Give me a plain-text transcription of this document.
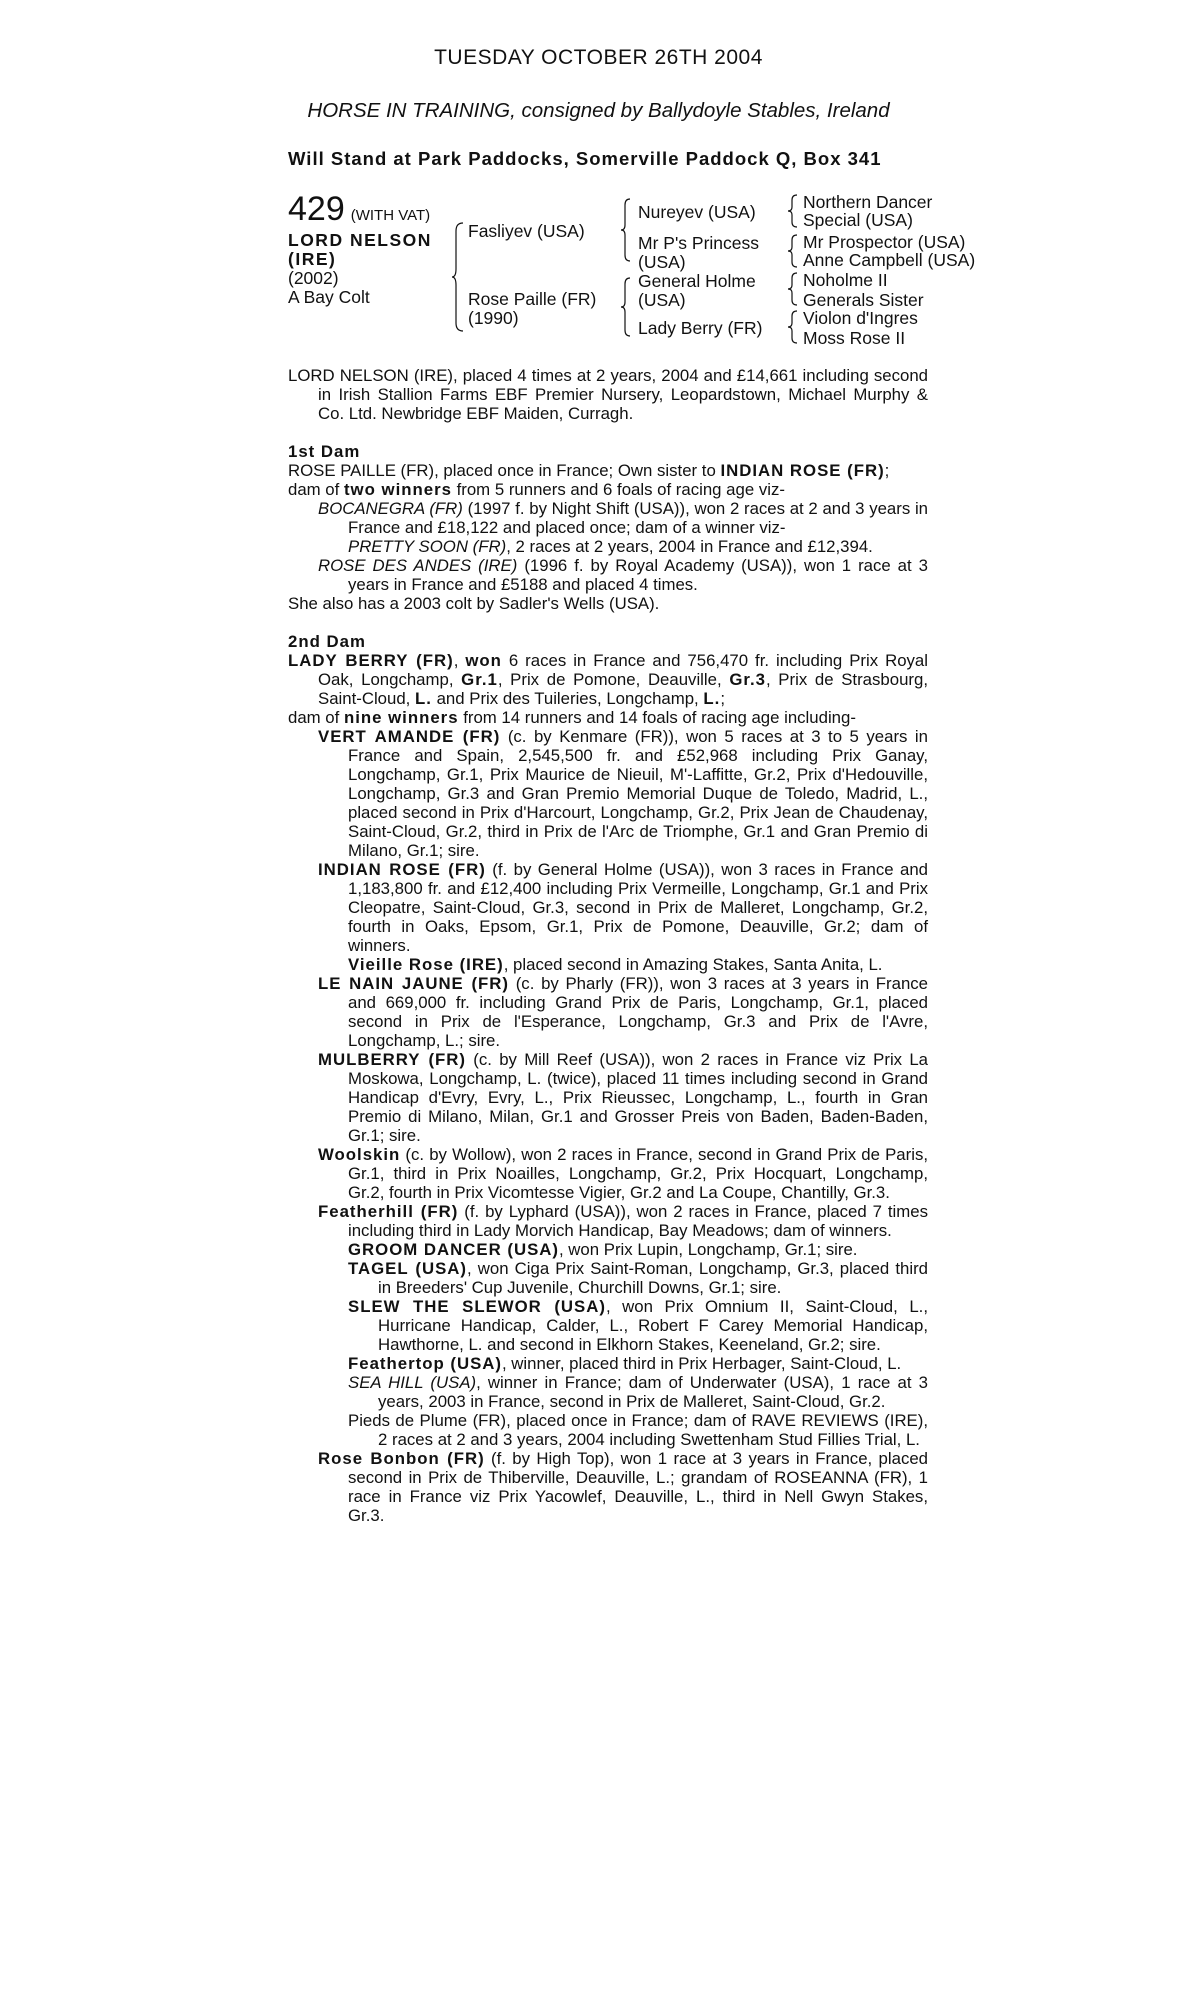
TUESDAY OCTOBER 26TH 2004
HORSE IN TRAINING, consigned by Ballydoyle Stables, Ireland
Will Stand at Park Paddocks, Somerville Paddock Q, Box 341
429 (WITH VAT)
LORD NELSON
(IRE)
(2002)
A Bay Colt
Fasliyev (USA)
Rose Paille (FR)
(1990)
Nureyev (USA)
Mr P's Princess
(USA)
General Holme
(USA)
Lady Berry (FR)
Northern Dancer
Special (USA)
Mr Prospector (USA)
Anne Campbell (USA)
Noholme II
Generals Sister
Violon d'Ingres
Moss Rose II

LORD NELSON (IRE), placed 4 times at 2 years, 2004 and £14,661 including second in Irish Stallion Farms EBF Premier Nursery, Leopardstown, Michael Murphy & Co. Ltd. Newbridge EBF Maiden, Curragh.

1st Dam

ROSE PAILLE (FR), placed once in France; Own sister to INDIAN ROSE (FR);

dam of two winners from 5 runners and 6 foals of racing age viz-

BOCANEGRA (FR) (1997 f. by Night Shift (USA)), won 2 races at 2 and 3 years in France and £18,122 and placed once; dam of a winner viz-

PRETTY SOON (FR), 2 races at 2 years, 2004 in France and £12,394.

ROSE DES ANDES (IRE) (1996 f. by Royal Academy (USA)), won 1 race at 3 years in France and £5188 and placed 4 times.

She also has a 2003 colt by Sadler's Wells (USA).

2nd Dam

LADY BERRY (FR), won 6 races in France and 756,470 fr. including Prix Royal Oak, Longchamp, Gr.1, Prix de Pomone, Deauville, Gr.3, Prix de Strasbourg, Saint-Cloud, L. and Prix des Tuileries, Longchamp, L.;

dam of nine winners from 14 runners and 14 foals of racing age including-

VERT AMANDE (FR) (c. by Kenmare (FR)), won 5 races at 3 to 5 years in France and Spain, 2,545,500 fr. and £52,968 including Prix Ganay, Longchamp, Gr.1, Prix Maurice de Nieuil, M'-Laffitte, Gr.2, Prix d'Hedouville, Longchamp, Gr.3 and Gran Premio Memorial Duque de Toledo, Madrid, L., placed second in Prix d'Harcourt, Longchamp, Gr.2, Prix Jean de Chaudenay, Saint-Cloud, Gr.2, third in Prix de l'Arc de Triomphe, Gr.1 and Gran Premio di Milano, Gr.1; sire.

INDIAN ROSE (FR) (f. by General Holme (USA)), won 3 races in France and 1,183,800 fr. and £12,400 including Prix Vermeille, Longchamp, Gr.1 and Prix Cleopatre, Saint-Cloud, Gr.3, second in Prix de Malleret, Longchamp, Gr.2, fourth in Oaks, Epsom, Gr.1, Prix de Pomone, Deauville, Gr.2; dam of winners.

Vieille Rose (IRE), placed second in Amazing Stakes, Santa Anita, L.

LE NAIN JAUNE (FR) (c. by Pharly (FR)), won 3 races at 3 years in France and 669,000 fr. including Grand Prix de Paris, Longchamp, Gr.1, placed second in Prix de l'Esperance, Longchamp, Gr.3 and Prix de l'Avre, Longchamp, L.; sire.

MULBERRY (FR) (c. by Mill Reef (USA)), won 2 races in France viz Prix La Moskowa, Longchamp, L. (twice), placed 11 times including second in Grand Handicap d'Evry, Evry, L., Prix Rieussec, Longchamp, L., fourth in Gran Premio di Milano, Milan, Gr.1 and Grosser Preis von Baden, Baden-Baden, Gr.1; sire.

Woolskin (c. by Wollow), won 2 races in France, second in Grand Prix de Paris, Gr.1, third in Prix Noailles, Longchamp, Gr.2, Prix Hocquart, Longchamp, Gr.2, fourth in Prix Vicomtesse Vigier, Gr.2 and La Coupe, Chantilly, Gr.3.

Featherhill (FR) (f. by Lyphard (USA)), won 2 races in France, placed 7 times including third in Lady Morvich Handicap, Bay Meadows; dam of winners.

GROOM DANCER (USA), won Prix Lupin, Longchamp, Gr.1; sire.

TAGEL (USA), won Ciga Prix Saint-Roman, Longchamp, Gr.3, placed third in Breeders' Cup Juvenile, Churchill Downs, Gr.1; sire.

SLEW THE SLEWOR (USA), won Prix Omnium II, Saint-Cloud, L., Hurricane Handicap, Calder, L., Robert F Carey Memorial Handicap, Hawthorne, L. and second in Elkhorn Stakes, Keeneland, Gr.2; sire.

Feathertop (USA), winner, placed third in Prix Herbager, Saint-Cloud, L.

SEA HILL (USA), winner in France; dam of Underwater (USA), 1 race at 3 years, 2003 in France, second in Prix de Malleret, Saint-Cloud, Gr.2.

Pieds de Plume (FR), placed once in France; dam of RAVE REVIEWS (IRE), 2 races at 2 and 3 years, 2004 including Swettenham Stud Fillies Trial, L.

Rose Bonbon (FR) (f. by High Top), won 1 race at 3 years in France, placed second in Prix de Thiberville, Deauville, L.; grandam of ROSEANNA (FR), 1 race in France viz Prix Yacowlef, Deauville, L., third in Nell Gwyn Stakes, Gr.3.
